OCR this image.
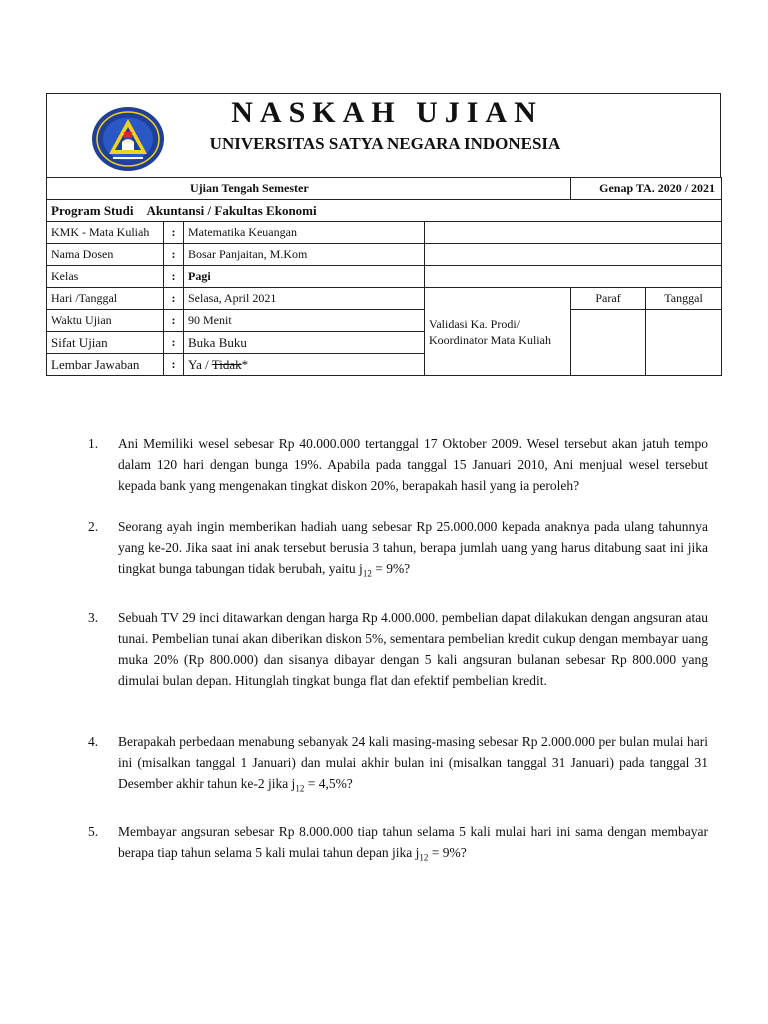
NASKAH UJIAN
UNIVERSITAS SATYA NEGARA INDONESIA
Ujian Tengah Semester				Genap TA. 2020 / 2021	
Program Studi Akuntansi / Fakultas Ekonomi					
KMK - Mata Kuliah	:	Matematika Keuangan			
Nama Dosen	:	Bosar Panjaitan, M.Kom			
Kelas	:	Pagi			
Hari /Tanggal	:	Selasa, April 2021	Validasi Ka. Prodi/ Koordinator Mata Kuliah	Paraf	Tanggal
Waktu Ujian	:	90 Menit			
Sifat Ujian	:	Buka Buku			
Lembar Jawaban	:	Ya / Tidak*			
1. Ani Memiliki wesel sebesar Rp 40.000.000 tertanggal 17 Oktober 2009. Wesel tersebut akan jatuh tempo dalam 120 hari dengan bunga 19%. Apabila pada tanggal 15 Januari 2010, Ani menjual wesel tersebut kepada bank yang mengenakan tingkat diskon 20%, berapakah hasil yang ia peroleh?
2. Seorang ayah ingin memberikan hadiah uang sebesar Rp 25.000.000 kepada anaknya pada ulang tahunnya yang ke-20. Jika saat ini anak tersebut berusia 3 tahun, berapa jumlah uang yang harus ditabung saat ini jika tingkat bunga tabungan tidak berubah, yaitu $j_{12} = 9\%$?
3. Sebuah TV 29 inci ditawarkan dengan harga Rp 4.000.000. pembelian dapat dilakukan dengan angsuran atau tunai. Pembelian tunai akan diberikan diskon 5%, sementara pembelian kredit cukup dengan membayar uang muka 20% (Rp 800.000) dan sisanya dibayar dengan 5 kali angsuran bulanan sebesar Rp 800.000 yang dimulai bulan depan. Hitunglah tingkat bunga flat dan efektif pembelian kredit.
4. Berapakah perbedaan menabung sebanyak 24 kali masing-masing sebesar Rp 2.000.000 per bulan mulai hari ini (misalkan tanggal 1 Januari) dan mulai akhir bulan ini (misalkan tanggal 31 Januari) pada tanggal 31 Desember akhir tahun ke-2 jika $j_{12} = 4,5\%$?
5. Membayar angsuran sebesar Rp 8.000.000 tiap tahun selama 5 kali mulai hari ini sama dengan membayar berapa tiap tahun selama 5 kali mulai tahun depan jika $j_{12} = 9\%$?
